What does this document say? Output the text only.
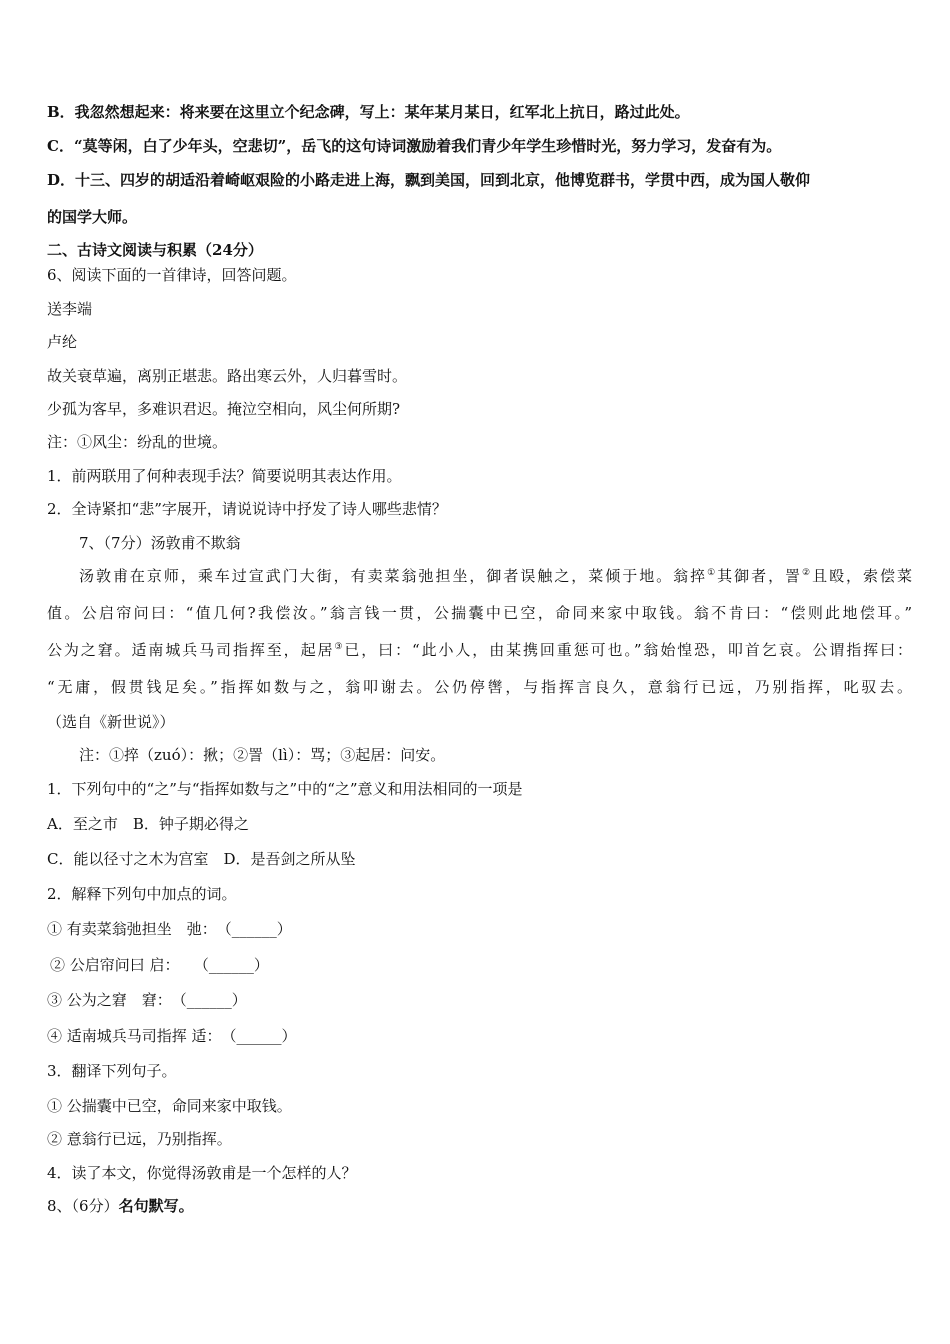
B．我忽然想起来：将来要在这里立个纪念碑，写上：某年某月某日，红军北上抗日，路过此处。
C．“莫等闲，白了少年头，空悲切”，岳飞的这句诗词激励着我们青少年学生珍惜时光，努力学习，发奋有为。
D．十三、四岁的胡适沿着崎岖艰险的小路走进上海，飘到美国，回到北京，他博览群书，学贯中西，成为国人敬仰
的国学大师。
二、古诗文阅读与积累（24分）
6、阅读下面的一首律诗，回答问题。
送李端
卢纶
故关衰草遍，离别正堪悲。路出寒云外，人归暮雪时。
少孤为客早，多难识君迟。掩泣空相向，风尘何所期?
注：①风尘：纷乱的世境。
1．前两联用了何种表现手法？简要说明其表达作用。
2．全诗紧扣“悲”字展开，请说说诗中抒发了诗人哪些悲情？
7、（7分）汤敦甫不欺翁
汤敦甫在京师，乘车过宣武门大街，有卖菜翁弛担坐，御者误触之，菜倾于地。翁捽①其御者，詈②且殴，索偿菜
值。公启帘问曰：“值几何?我偿汝。”翁言钱一贯，公揣囊中已空，命同来家中取钱。翁不肯曰：“偿则此地偿耳。”
公为之窘。适南城兵马司指挥至，起居③已，曰：“此小人，由某携回重惩可也。”翁始惶恐，叩首乞哀。公谓指挥曰：
“无庸，假贯钱足矣。”指挥如数与之，翁叩谢去。公仍停辔，与指挥言良久，意翁行已远，乃别指挥，叱驭去。
（选自《新世说》）
注：①捽（zuó）：揪；②詈（lì）：骂；③起居：问安。
1．下列句中的“之”与“指挥如数与之”中的“之”意义和用法相同的一项是
A．至之市　B．钟子期必得之
C．能以径寸之木为宫室　D．是吾剑之所从坠
2．解释下列句中加点的词。
① 有卖菜翁弛担坐　弛：（______）
② 公启帘问曰 启： （______）
③ 公为之窘　窘：（______）
④ 适南城兵马司指挥 适：（______）
3．翻译下列句子。
① 公揣囊中已空，命同来家中取钱。
② 意翁行已远，乃别指挥。
4．读了本文，你觉得汤敦甫是一个怎样的人？
8、（6分）名句默写。
